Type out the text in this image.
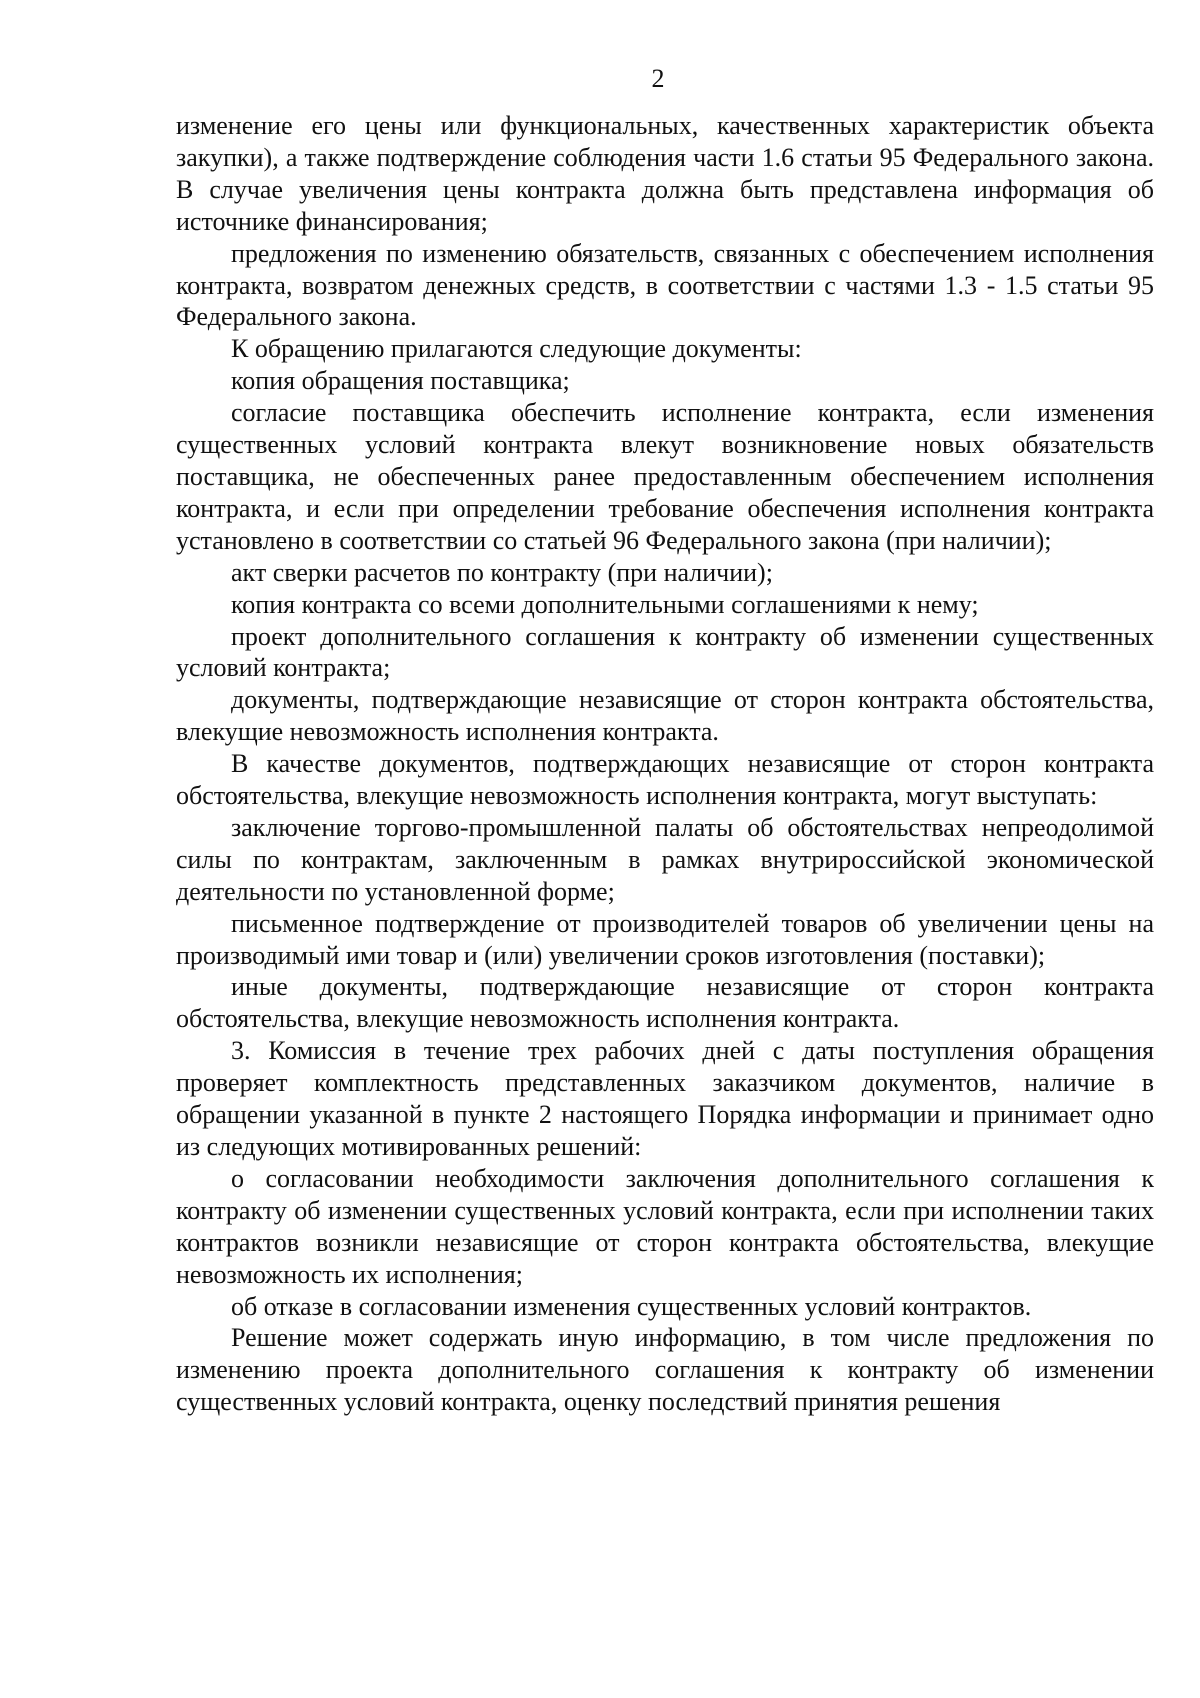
2

изменение его цены или функциональных, качественных характеристик объекта закупки), а также подтверждение соблюдения части 1.6 статьи 95 Федерального закона. В случае увеличения цены контракта должна быть представлена информация об источнике финансирования;

предложения по изменению обязательств, связанных с обеспечением исполнения контракта, возвратом денежных средств, в соответствии с частями 1.3 - 1.5 статьи 95 Федерального закона.

К обращению прилагаются следующие документы:

копия обращения поставщика;

согласие поставщика обеспечить исполнение контракта, если изменения существенных условий контракта влекут возникновение новых обязательств поставщика, не обеспеченных ранее предоставленным обеспечением исполнения контракта, и если при определении требование обеспечения исполнения контракта установлено в соответствии со статьей 96 Федерального закона (при наличии);

акт сверки расчетов по контракту (при наличии);

копия контракта со всеми дополнительными соглашениями к нему;

проект дополнительного соглашения к контракту об изменении существенных условий контракта;

документы, подтверждающие независящие от сторон контракта обстоятельства, влекущие невозможность исполнения контракта.

В качестве документов, подтверждающих независящие от сторон контракта обстоятельства, влекущие невозможность исполнения контракта, могут выступать:

заключение торгово-промышленной палаты об обстоятельствах непреодолимой силы по контрактам, заключенным в рамках внутрироссийской экономической деятельности по установленной форме;

письменное подтверждение от производителей товаров об увеличении цены на производимый ими товар и (или) увеличении сроков изготовления (поставки);

иные документы, подтверждающие независящие от сторон контракта обстоятельства, влекущие невозможность исполнения контракта.

3. Комиссия в течение трех рабочих дней с даты поступления обращения проверяет комплектность представленных заказчиком документов, наличие в обращении указанной в пункте 2 настоящего Порядка информации и принимает одно из следующих мотивированных решений:

о согласовании необходимости заключения дополнительного соглашения к контракту об изменении существенных условий контракта, если при исполнении таких контрактов возникли независящие от сторон контракта обстоятельства, влекущие невозможность их исполнения;

об отказе в согласовании изменения существенных условий контрактов.

Решение может содержать иную информацию, в том числе предложения по изменению проекта дополнительного соглашения к контракту об изменении существенных условий контракта, оценку последствий принятия решения
